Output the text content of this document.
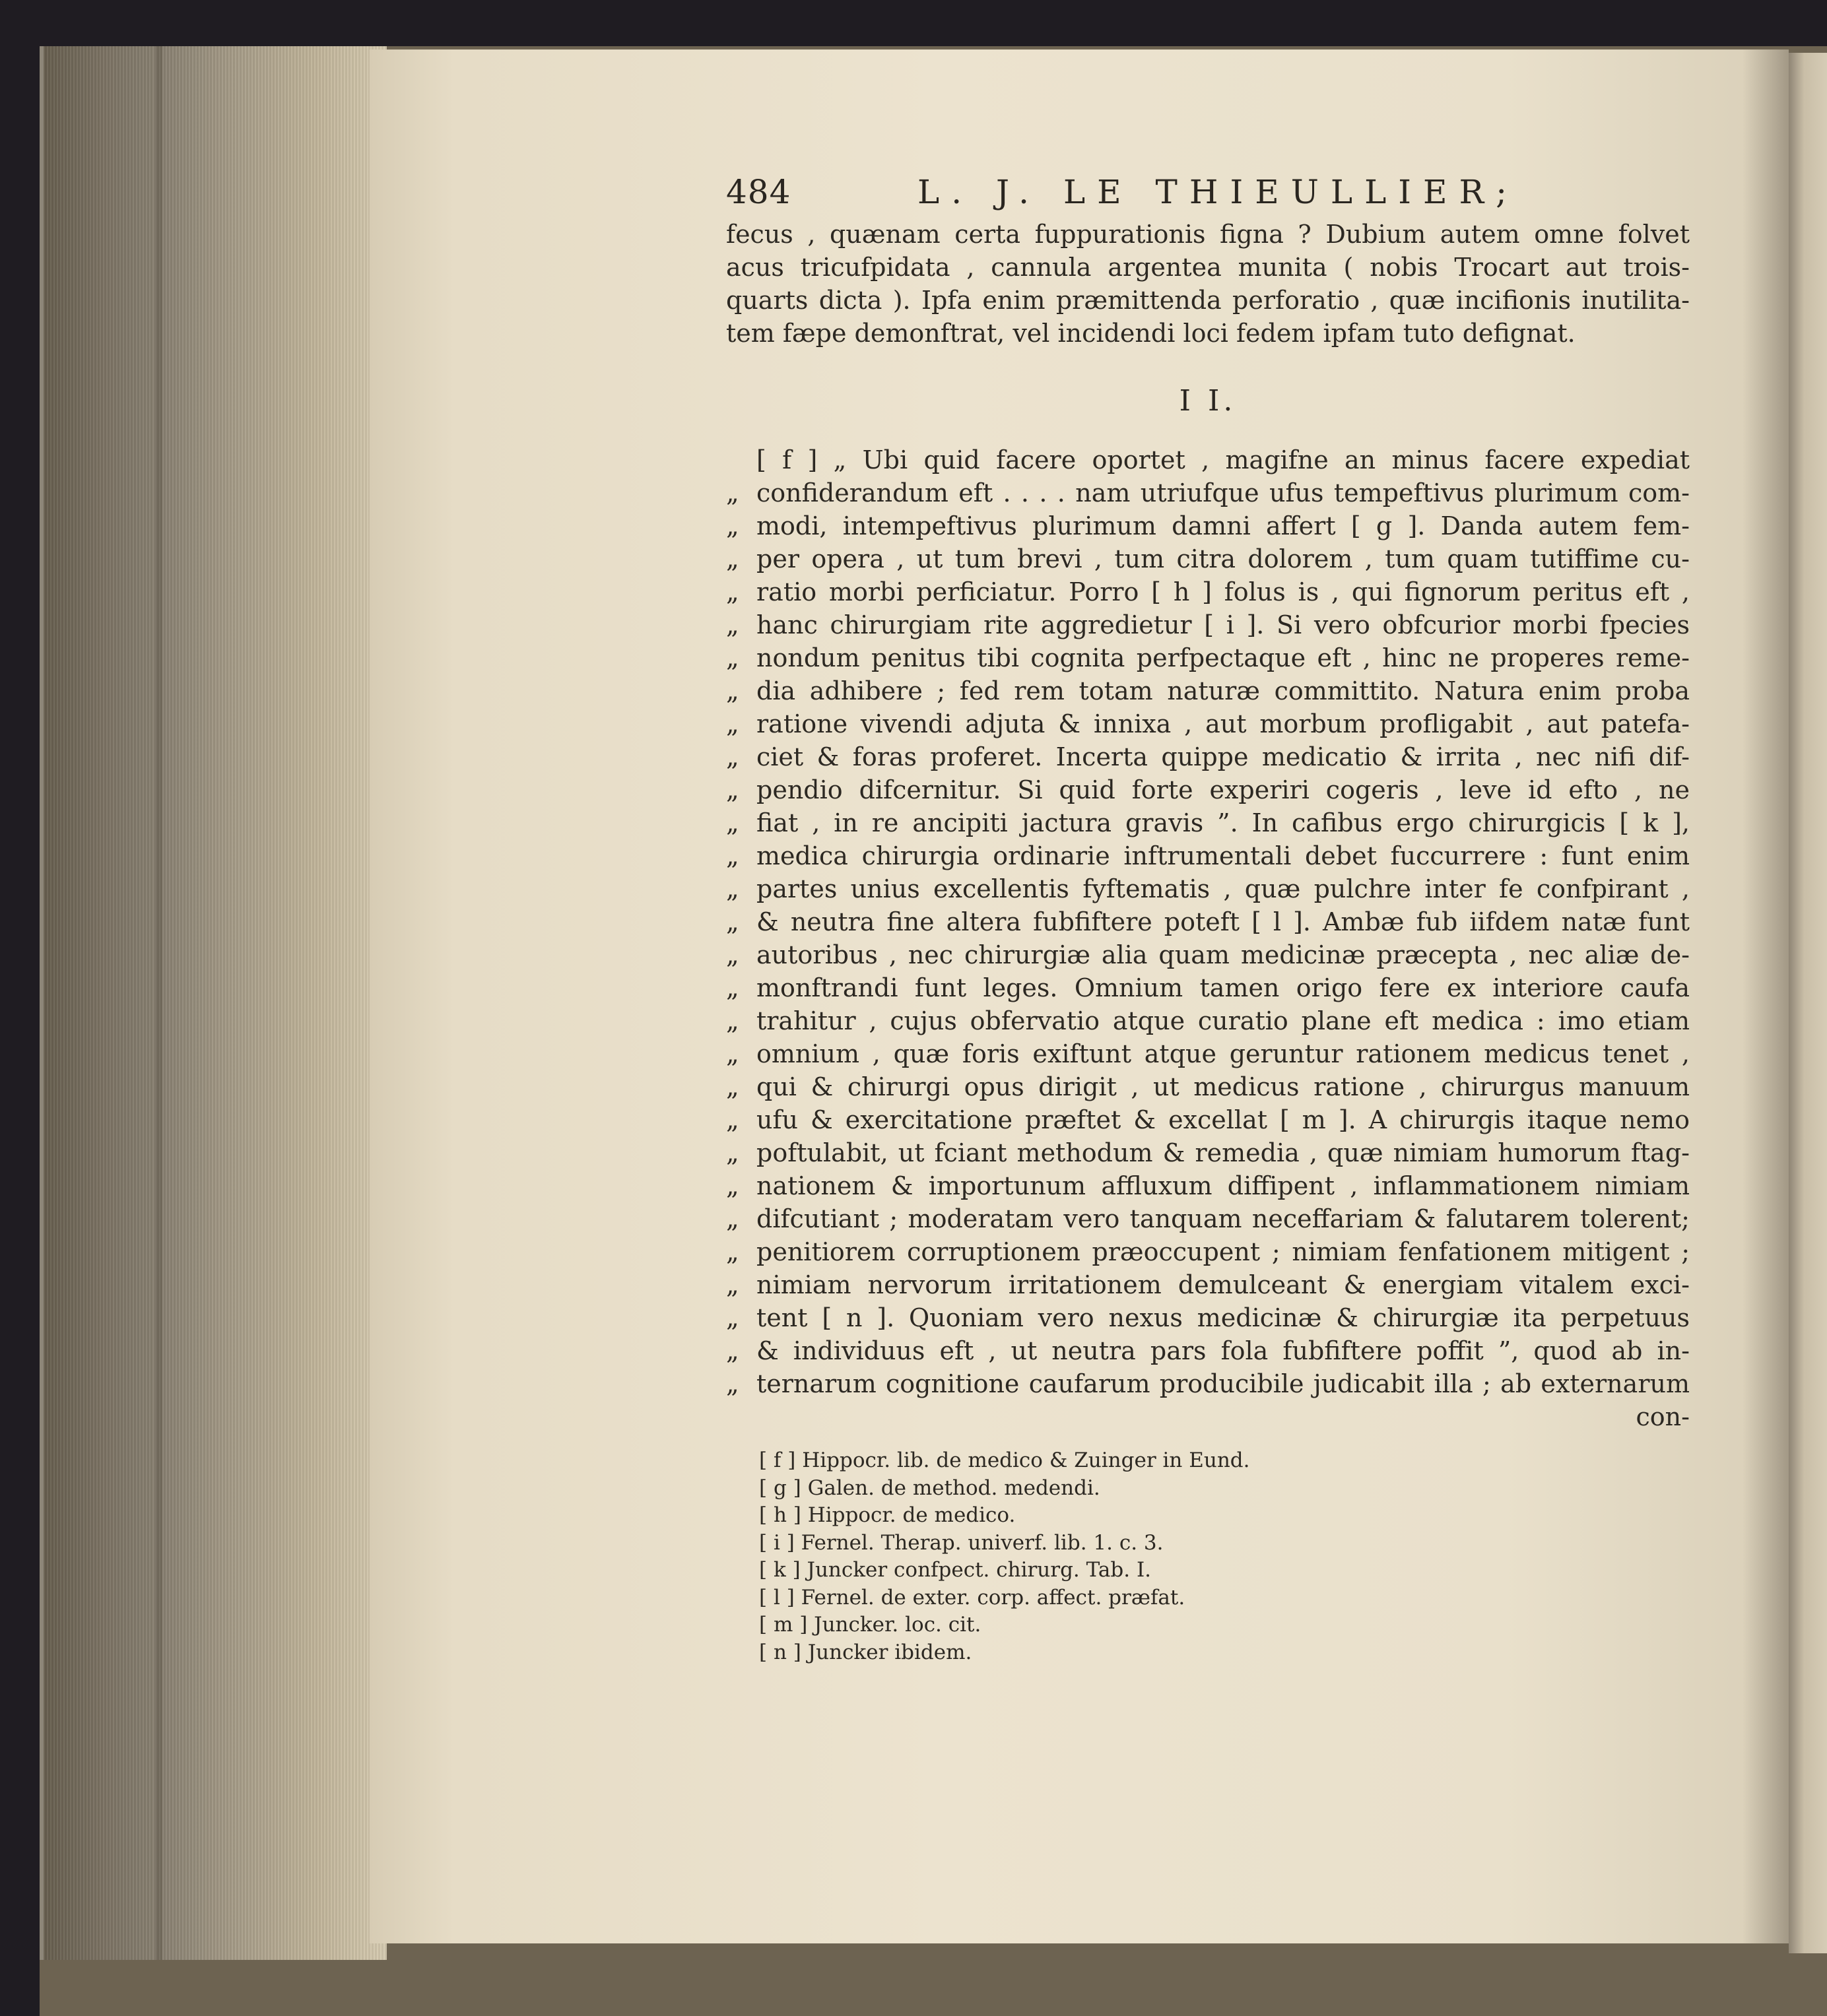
484	L. J. LE THIEULLIER;
fecus , quænam certa fuppurationis figna ? Dubium autem omne folvet
acus tricufpidata , cannula argentea munita ( nobis Trocart aut trois-
quarts dicta ). Ipfa enim præmittenda perforatio , quæ incifionis inutilita-
tem fæpe demonftrat, vel incidendi loci fedem ipfam tuto defignat.
I I.
[ f ] „ Ubi quid facere oportet , magifne an minus facere expediat
„ confiderandum eft . . . . nam utriufque ufus tempeftivus plurimum com-
„ modi, intempeftivus plurimum damni affert [ g ]. Danda autem fem-
„ per opera , ut tum brevi , tum citra dolorem , tum quam tutiffime cu-
„ ratio morbi perficiatur. Porro [ h ] folus is , qui fignorum peritus eft ,
„ hanc chirurgiam rite aggredietur [ i ]. Si vero obfcurior morbi fpecies
„ nondum penitus tibi cognita perfpectaque eft , hinc ne properes reme-
„ dia adhibere ; fed rem totam naturæ committito. Natura enim proba
„ ratione vivendi adjuta & innixa , aut morbum profligabit , aut patefa-
„ ciet & foras proferet. Incerta quippe medicatio & irrita , nec nifi dif-
„ pendio difcernitur. Si quid forte experiri cogeris , leve id efto , ne
„ fiat , in re ancipiti jactura gravis ”. In cafibus ergo chirurgicis [ k ],
„ medica chirurgia ordinarie inftrumentali debet fuccurrere : funt enim
„ partes unius excellentis fyftematis , quæ pulchre inter fe confpirant ,
„ & neutra fine altera fubfiftere poteft [ l ]. Ambæ fub iifdem natæ funt
„ autoribus , nec chirurgiæ alia quam medicinæ præcepta , nec aliæ de-
„ monftrandi funt leges. Omnium tamen origo fere ex interiore caufa
„ trahitur , cujus obfervatio atque curatio plane eft medica : imo etiam
„ omnium , quæ foris exiftunt atque geruntur rationem medicus tenet ,
„ qui & chirurgi opus dirigit , ut medicus ratione , chirurgus manuum
„ ufu & exercitatione præftet & excellat [ m ]. A chirurgis itaque nemo
„ poftulabit, ut fciant methodum & remedia , quæ nimiam humorum ftag-
„ nationem & importunum affluxum diffipent , inflammationem nimiam
„ difcutiant ; moderatam vero tanquam neceffariam & falutarem tolerent;
„ penitiorem corruptionem præoccupent ; nimiam fenfationem mitigent ;
„ nimiam nervorum irritationem demulceant & energiam vitalem exci-
„ tent [ n ]. Quoniam vero nexus medicinæ & chirurgiæ ita perpetuus
„ & individuus eft , ut neutra pars fola fubfiftere poffit ”, quod ab in-
„ ternarum cognitione caufarum producibile judicabit illa ; ab externarum
con-
[ f ] Hippocr. lib. de medico & Zuinger in Eund.
[ g ] Galen. de method. medendi.
[ h ] Hippocr. de medico.
[ i ] Fernel. Therap. univerf. lib. 1. c. 3.
[ k ] Juncker confpect. chirurg. Tab. I.
[ l ] Fernel. de exter. corp. affect. præfat.
[ m ] Juncker. loc. cit.
[ n ] Juncker ibidem.
